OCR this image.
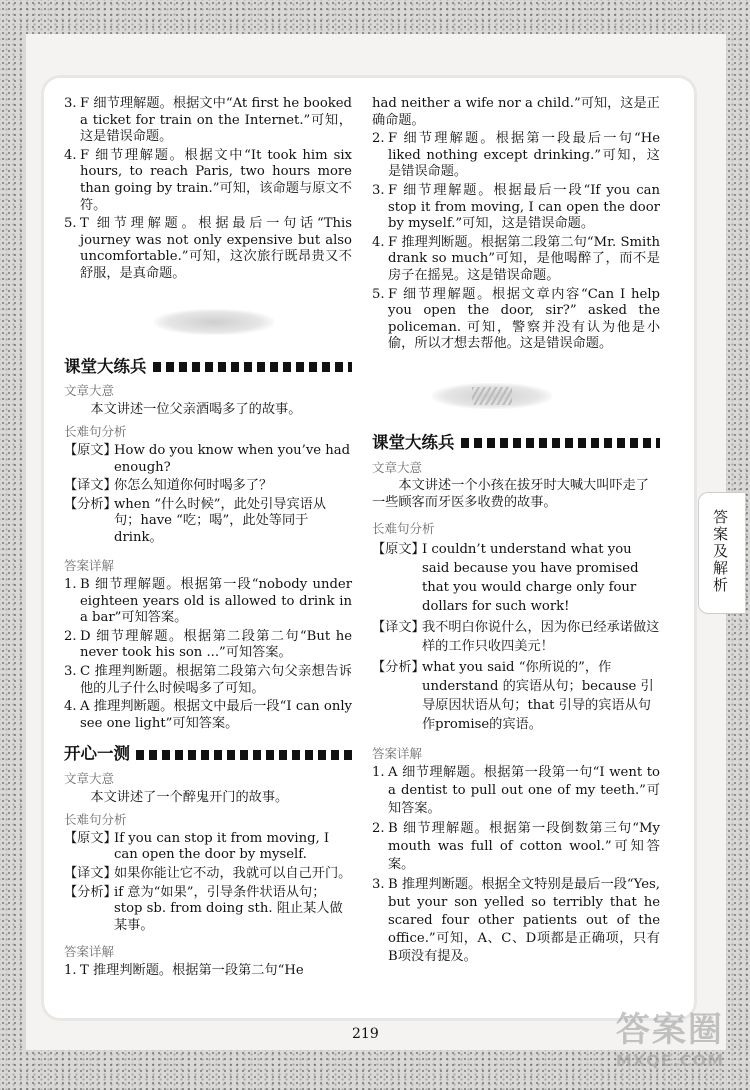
3. F 细节理解题。根据文中“At first he booked a ticket for train on the Internet.”可知，这是错误命题。
4. F 细节理解题。根据文中“It took him six hours, to reach Paris, two hours more than going by train.”可知，该命题与原文不符。
5. T 细节理解题。根据最后一句话“This journey was not only expensive but also uncomfortable.”可知，这次旅行既昂贵又不舒服，是真命题。
课堂大练兵
文章大意
本文讲述一位父亲酒喝多了的故事。
长难句分析
【原文】
How do you know when you’ve had enough?
【译文】
你怎么知道你何时喝多了？
【分析】
when “什么时候”，此处引导宾语从句；have “吃；喝”，此处等同于drink。
答案详解
1. B 细节理解题。根据第一段“nobody under eighteen years old is allowed to drink in a bar”可知答案。
2. D 细节理解题。根据第二段第二句“But he never took his son ...”可知答案。
3. C 推理判断题。根据第二段第六句父亲想告诉他的儿子什么时候喝多了可知。
4. A 推理判断题。根据文中最后一段“I can only see one light”可知答案。
开心一测
文章大意
本文讲述了一个醉鬼开门的故事。
长难句分析
【原文】
If you can stop it from moving, I can open the door by myself.
【译文】
如果你能让它不动，我就可以自己开门。
【分析】
if 意为“如果”，引导条件状语从句；stop sb. from doing sth. 阻止某人做某事。
答案详解
1. T 推理判断题。根据第一段第二句“He
had neither a wife nor a child.”可知，这是正确命题。
2. F 细节理解题。根据第一段最后一句“He liked nothing except drinking.”可知，这是错误命题。
3. F 细节理解题。根据最后一段“If you can stop it from moving, I can open the door by myself.”可知，这是错误命题。
4. F 推理判断题。根据第二段第二句“Mr. Smith drank so much”可知，是他喝醉了，而不是房子在摇晃。这是错误命题。
5. F 细节理解题。根据文章内容“Can I help you open the door, sir?” asked the policeman. 可知，警察并没有认为他是小偷，所以才想去帮他。这是错误命题。
课堂大练兵
文章大意
本文讲述一个小孩在拔牙时大喊大叫吓走了一些顾客而牙医多收费的故事。
长难句分析
【原文】
I couldn’t understand what you said because you have promised that you would charge only four dollars for such work!
【译文】
我不明白你说什么，因为你已经承诺做这样的工作只收四美元！
【分析】
what you said “你所说的”，作understand 的宾语从句；because 引导原因状语从句；that 引导的宾语从句作promise的宾语。
答案详解
1. A 细节理解题。根据第一段第一句“I went to a dentist to pull out one of my teeth.”可知答案。
2. B 细节理解题。根据第一段倒数第三句“My mouth was full of cotton wool.”可知答案。
3. B 推理判断题。根据全文特别是最后一段“Yes, but your son yelled so terribly that he scared four other patients out of the office.”可知，A、C、D项都是正确项，只有B项没有提及。
答案及解析
219	答案圈
MXQE.COM
